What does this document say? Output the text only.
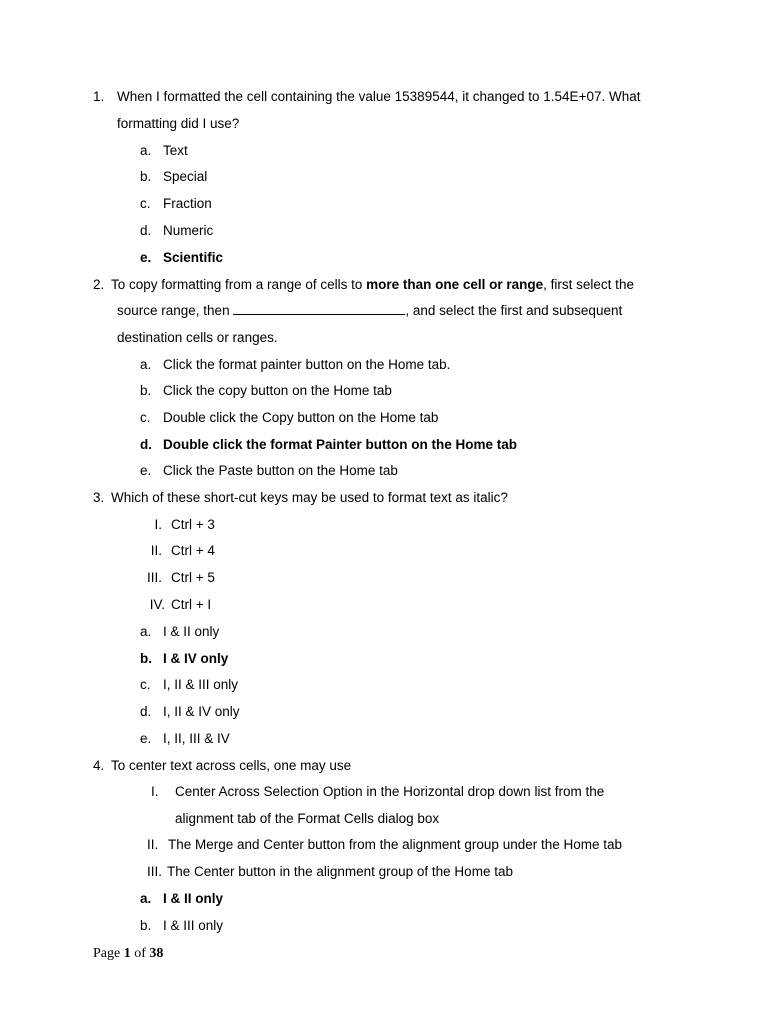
1. When I formatted the cell containing the value 15389544, it changed to 1.54E+07. What
formatting did I use?
a. Text
b. Special
c. Fraction
d. Numeric
e. Scientific
2. To copy formatting from a range of cells to more than one cell or range, first select the
source range, then	, and select the first and subsequent
destination cells or ranges.
a. Click the format painter button on the Home tab.
b. Click the copy button on the Home tab
c. Double click the Copy button on the Home tab
d. Double click the format Painter button on the Home tab
e. Click the Paste button on the Home tab
3. Which of these short-cut keys may be used to format text as italic?
I. Ctrl + 3
II. Ctrl + 4
III. Ctrl + 5
IV. Ctrl + I
a. I & II only
b. I & IV only
c. I, II & III only
d. I, II & IV only
e. I, II, III & IV
4. To center text across cells, one may use
I. Center Across Selection Option in the Horizontal drop down list from the
alignment tab of the Format Cells dialog box
II. The Merge and Center button from the alignment group under the Home tab
III. The Center button in the alignment group of the Home tab
a. I & II only
b. I & III only
Page 1 of 38
